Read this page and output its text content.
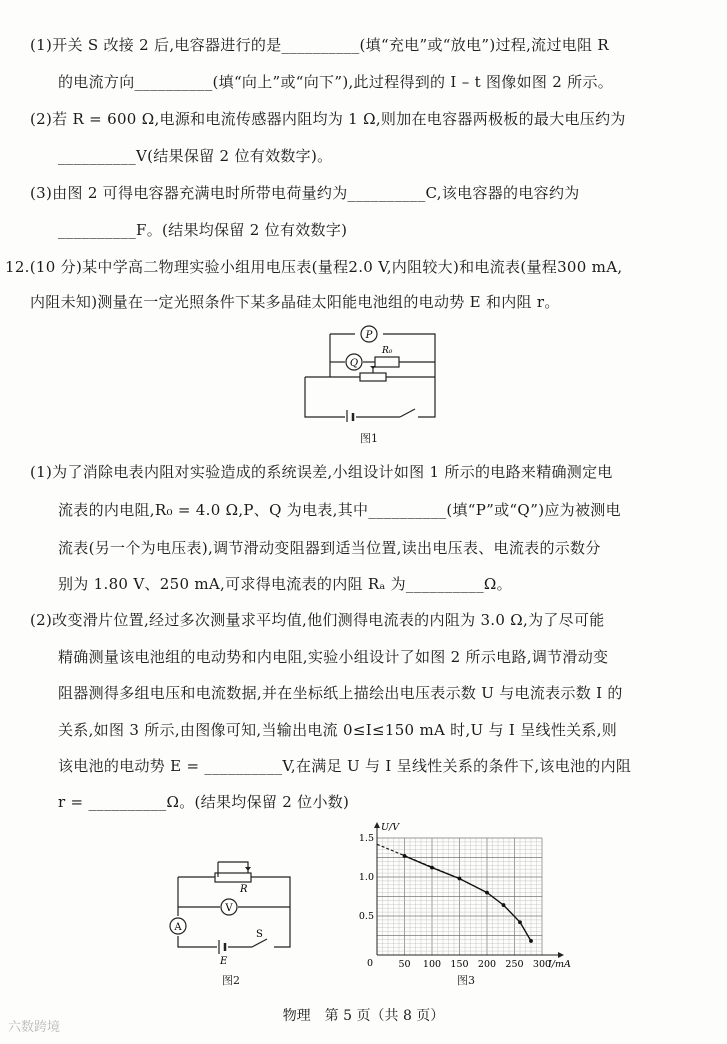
(1)开关 S 改接 2 后,电容器进行的是__________(填“充电”或“放电”)过程,流过电阻 R
的电流方向__________(填“向上”或“向下”),此过程得到的 I – t 图像如图 2 所示。
(2)若 R = 600 Ω,电源和电流传感器内阻均为 1 Ω,则加在电容器两极板的最大电压约为
__________V(结果保留 2 位有效数字)。
(3)由图 2 可得电容器充满电时所带电荷量约为__________C,该电容器的电容约为
__________F。(结果均保留 2 位有效数字)
12.(10 分)某中学高二物理实验小组用电压表(量程2.0 V,内阻较大)和电流表(量程300 mA,
内阻未知)测量在一定光照条件下某多晶硅太阳能电池组的电动势 E 和内阻 r。
P
Q
R₀
图1
(1)为了消除电表内阻对实验造成的系统误差,小组设计如图 1 所示的电路来精确测定电
流表的内电阻,R₀ = 4.0 Ω,P、Q 为电表,其中__________(填“P”或“Q”)应为被测电
流表(另一个为电压表),调节滑动变阻器到适当位置,读出电压表、电流表的示数分
别为 1.80 V、250 mA,可求得电流表的内阻 Rₐ 为__________Ω。
(2)改变滑片位置,经过多次测量求平均值,他们测得电流表的内阻为 3.0 Ω,为了尽可能
精确测量该电池组的电动势和内电阻,实验小组设计了如图 2 所示电路,调节滑动变
阻器测得多组电压和电流数据,并在坐标纸上描绘出电压表示数 U 与电流表示数 I 的
关系,如图 3 所示,由图像可知,当输出电流 0≤I≤150 mA 时,U 与 I 呈线性关系,则
该电池的电动势 E = __________V,在满足 U 与 I 呈线性关系的条件下,该电池的内阻
r = __________Ω。(结果均保留 2 位小数)
V
A
R
E
S
图2
50 100 150 200 250 300
0.5
1.0
1.5
0	I/mA
U/V
图3
物理　第 5 页（共 8 页）
六数跨境
